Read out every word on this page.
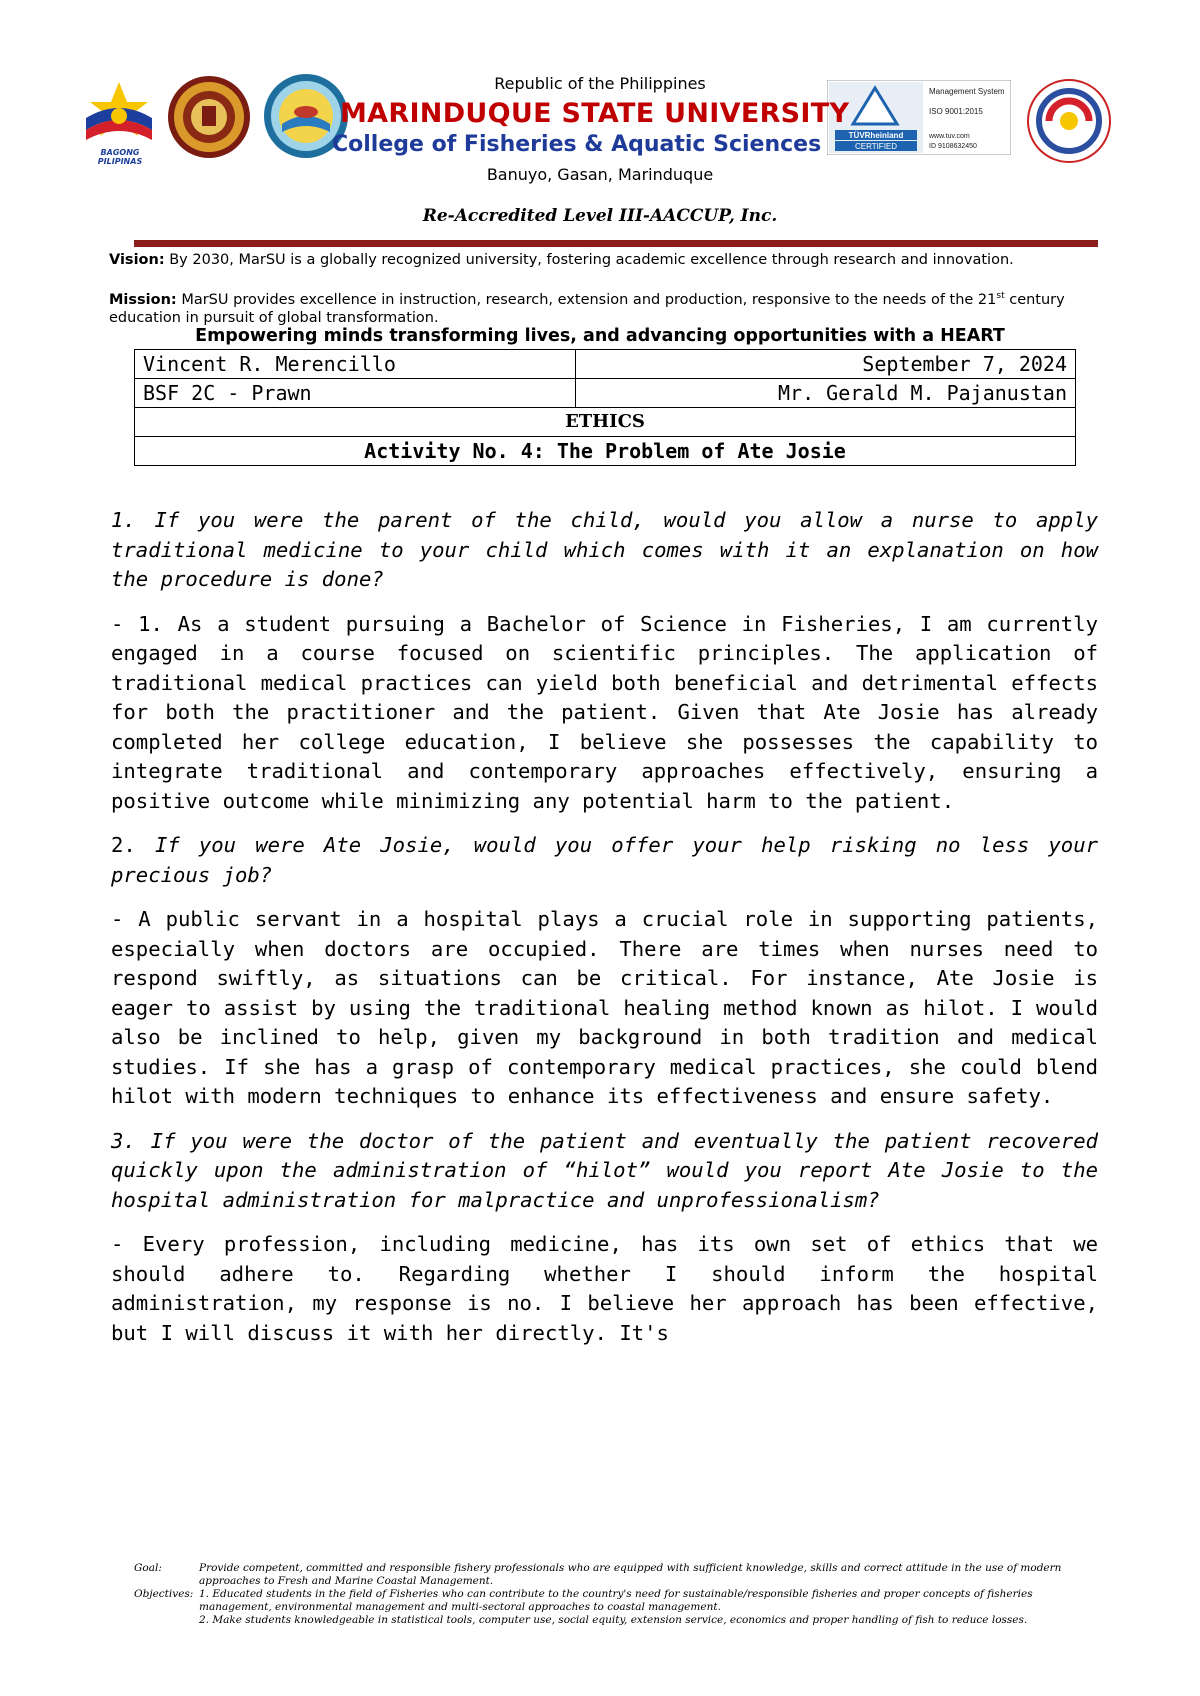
BAGONG PILIPINAS
TÜVRheinland
CERTIFIED
Management System
ISO 9001:2015
www.tuv.com
ID 9108632450
Republic of the Philippines
MARINDUQUE STATE UNIVERSITY
College of Fisheries & Aquatic Sciences
Banuyo, Gasan, Marinduque
Re-Accredited Level III-AACCUP, Inc.
Vision: By 2030, MarSU is a globally recognized university, fostering academic excellence through research and innovation.
Mission: MarSU provides excellence in instruction, research, extension and production, responsive to the needs of the 21st century education in pursuit of global transformation.
Empowering minds transforming lives, and advancing opportunities with a HEART
Vincent R. Merencillo	September 7, 2024
BSF 2C - Prawn	Mr. Gerald M. Pajanustan
ETHICS	
Activity No. 4: The Problem of Ate Josie	

1. If you were the parent of the child, would you allow a nurse to apply traditional medicine to your child which comes with it an explanation on how the procedure is done?

- 1. As a student pursuing a Bachelor of Science in Fisheries, I am currently engaged in a course focused on scientific principles. The application of traditional medical practices can yield both beneficial and detrimental effects for both the practitioner and the patient. Given that Ate Josie has already completed her college education, I believe she possesses the capability to integrate traditional and contemporary approaches effectively, ensuring a positive outcome while minimizing any potential harm to the patient.

2. If you were Ate Josie, would you offer your help risking no less your precious job?

- A public servant in a hospital plays a crucial role in supporting patients, especially when doctors are occupied. There are times when nurses need to respond swiftly, as situations can be critical. For instance, Ate Josie is eager to assist by using the traditional healing method known as hilot. I would also be inclined to help, given my background in both tradition and medical studies. If she has a grasp of contemporary medical practices, she could blend hilot with modern techniques to enhance its effectiveness and ensure safety.

3. If you were the doctor of the patient and eventually the patient recovered quickly upon the administration of “hilot” would you report Ate Josie to the hospital administration for malpractice and unprofessionalism?

- Every profession, including medicine, has its own set of ethics that we should adhere to. Regarding whether I should inform the hospital administration, my response is no. I believe her approach has been effective, but I will discuss it with her directly. It's

Goal:	Provide competent, committed and responsible fishery professionals who are equipped with sufficient knowledge, skills and correct attitude in the use of modern approaches to Fresh and Marine Coastal Management.
Objectives: 1. Educated students in the field of Fisheries who can contribute to the country's need for sustainable/responsible fisheries and proper concepts of fisheries management, environmental management and multi-sectoral approaches to coastal management.
2. Make students knowledgeable in statistical tools, computer use, social equity, extension service, economics and proper handling of fish to reduce losses.
